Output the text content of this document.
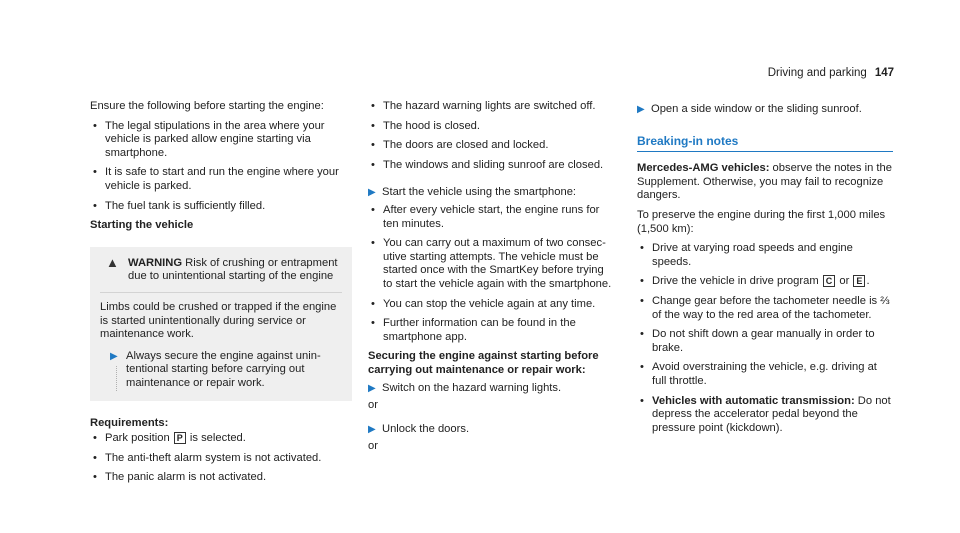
Driving and parking 147

Ensure the following before starting the engine:

• The legal stipulations in the area where your vehicle is parked allow engine starting via smartphone.
• It is safe to start and run the engine where your vehicle is parked.
• The fuel tank is sufficiently filled.

Starting the vehicle

▲ WARNING Risk of crushing or entrapment due to unintentional starting of the engine
Limbs could be crushed or trapped if the engine is started unintentionally during service or maintenance work.
▶ Always secure the engine against unintentional starting before carrying out maintenance or repair work.

Requirements:

• Park position P is selected.
• The anti-theft alarm system is not activated.
• The panic alarm is not activated.
• The hazard warning lights are switched off.
• The hood is closed.
• The doors are closed and locked.
• The windows and sliding sunroof are closed.
▶ Start the vehicle using the smartphone:
• After every vehicle start, the engine runs for ten minutes.
• You can carry out a maximum of two consecutive starting attempts. The vehicle must be started once with the SmartKey before trying to start the vehicle again with the smartphone.
• You can stop the vehicle again at any time.
• Further information can be found in the smartphone app.

Securing the engine against starting before carrying out maintenance or repair work:

▶ Switch on the hazard warning lights.

or

▶ Unlock the doors.

or

▶ Open a side window or the sliding sunroof.
Breaking-in notes

Mercedes-AMG vehicles: observe the notes in the Supplement. Otherwise, you may fail to recognize dangers.

To preserve the engine during the first 1,000 miles (1,500 km):

• Drive at varying road speeds and engine speeds.
• Drive the vehicle in drive program C or E .
• Change gear before the tachometer needle is ⅔ of the way to the red area of the tachometer.
• Do not shift down a gear manually in order to brake.
• Avoid overstraining the vehicle, e.g. driving at full throttle.
• Vehicles with automatic transmission: Do not depress the accelerator pedal beyond the pressure point (kickdown).
